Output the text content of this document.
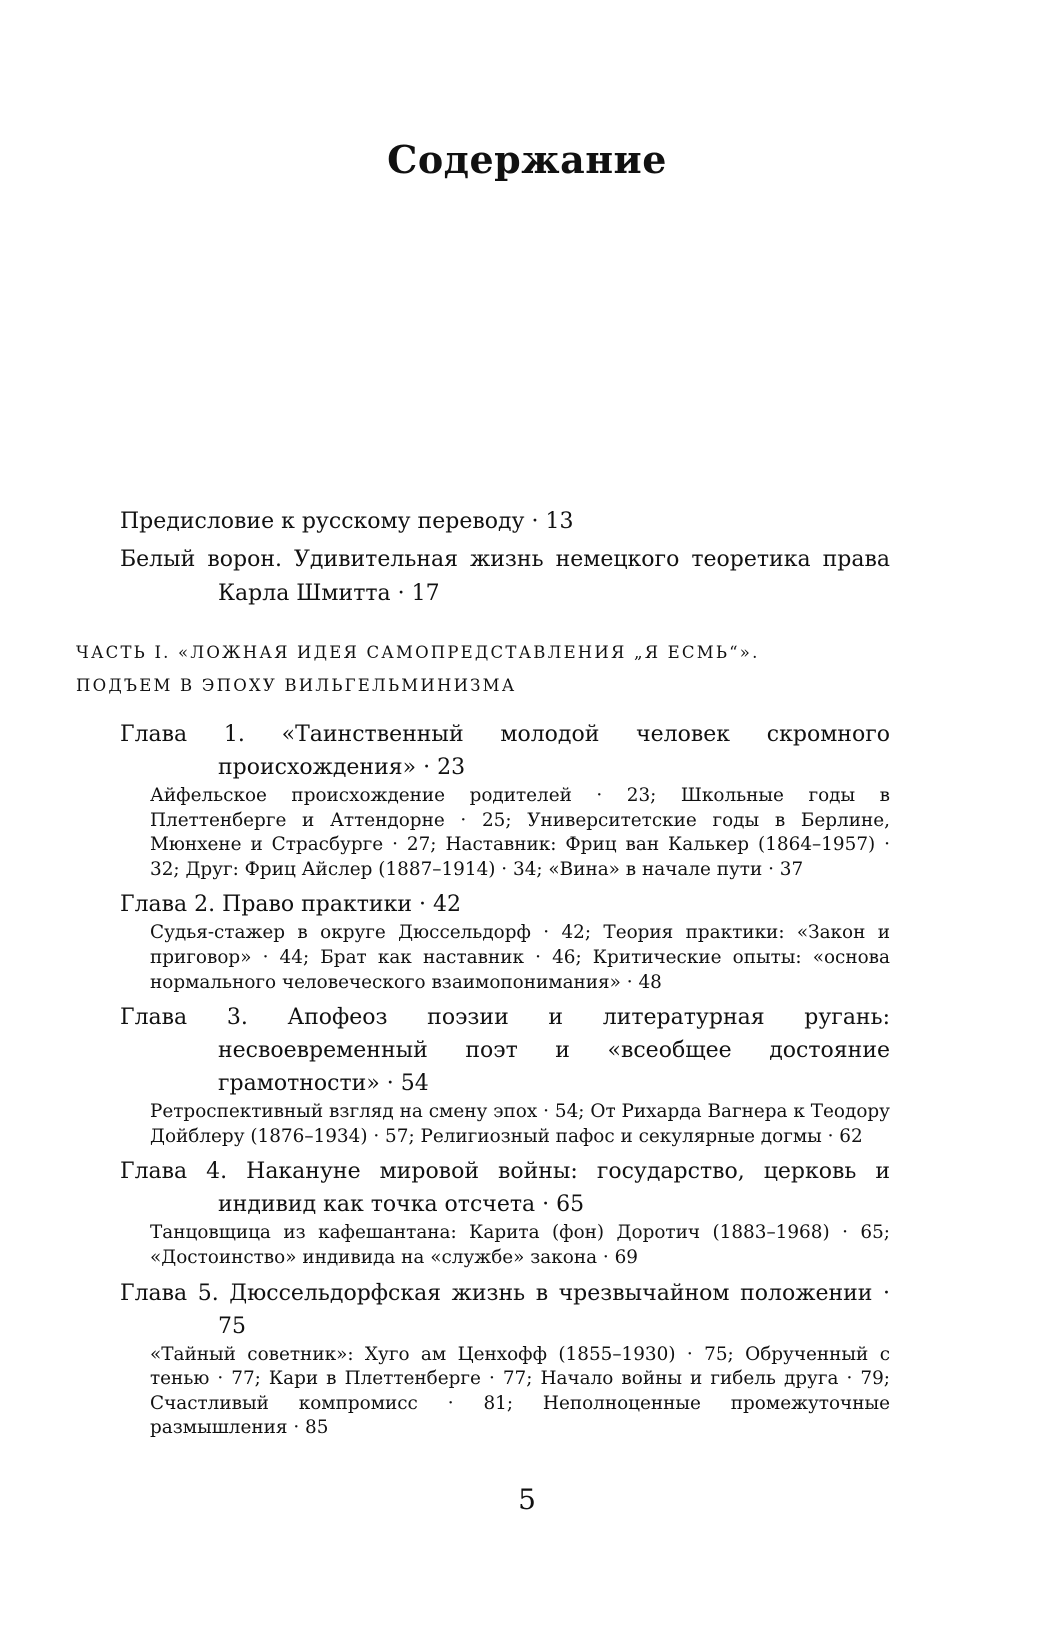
Содержание
Предисловие к русскому переводу · 13
Белый ворон. Удивительная жизнь немецкого теоретика права Карла Шмитта · 17
ЧАСТЬ I. «ЛОЖНАЯ ИДЕЯ САМОПРЕДСТАВЛЕНИЯ „Я ЕСМЬ“».
ПОДЪЕМ В ЭПОХУ ВИЛЬГЕЛЬМИНИЗМА
Глава 1. «Таинственный молодой человек скромного происхождения» · 23
Айфельское происхождение родителей · 23; Школьные годы в Плеттенберге и Аттендорне · 25; Университетские годы в Берлине, Мюнхене и Страсбурге · 27; Наставник: Фриц ван Калькер (1864–1957) · 32; Друг: Фриц Айслер (1887–1914) · 34; «Вина» в начале пути · 37
Глава 2. Право практики · 42
Судья-стажер в округе Дюссельдорф · 42; Теория практики: «Закон и приговор» · 44; Брат как наставник · 46; Критические опыты: «основа нормального человеческого взаимопонимания» · 48
Глава 3. Апофеоз поэзии и литературная ругань: несвоевременный поэт и «всеобщее достояние грамотности» · 54
Ретроспективный взгляд на смену эпох · 54; От Рихарда Вагнера к Теодору Дойблеру (1876–1934) · 57; Религиозный пафос и секулярные догмы · 62
Глава 4. Накануне мировой войны: государство, церковь и индивид как точка отсчета · 65
Танцовщица из кафешантана: Карита (фон) Доротич (1883–1968) · 65; «Достоинство» индивида на «службе» закона · 69
Глава 5. Дюссельдорфская жизнь в чрезвычайном положении · 75
«Тайный советник»: Хуго ам Ценхофф (1855–1930) · 75; Обрученный с тенью · 77; Кари в Плеттенберге · 77; Начало войны и гибель друга · 79; Счастливый компромисс · 81; Неполноценные промежуточные размышления · 85
5
